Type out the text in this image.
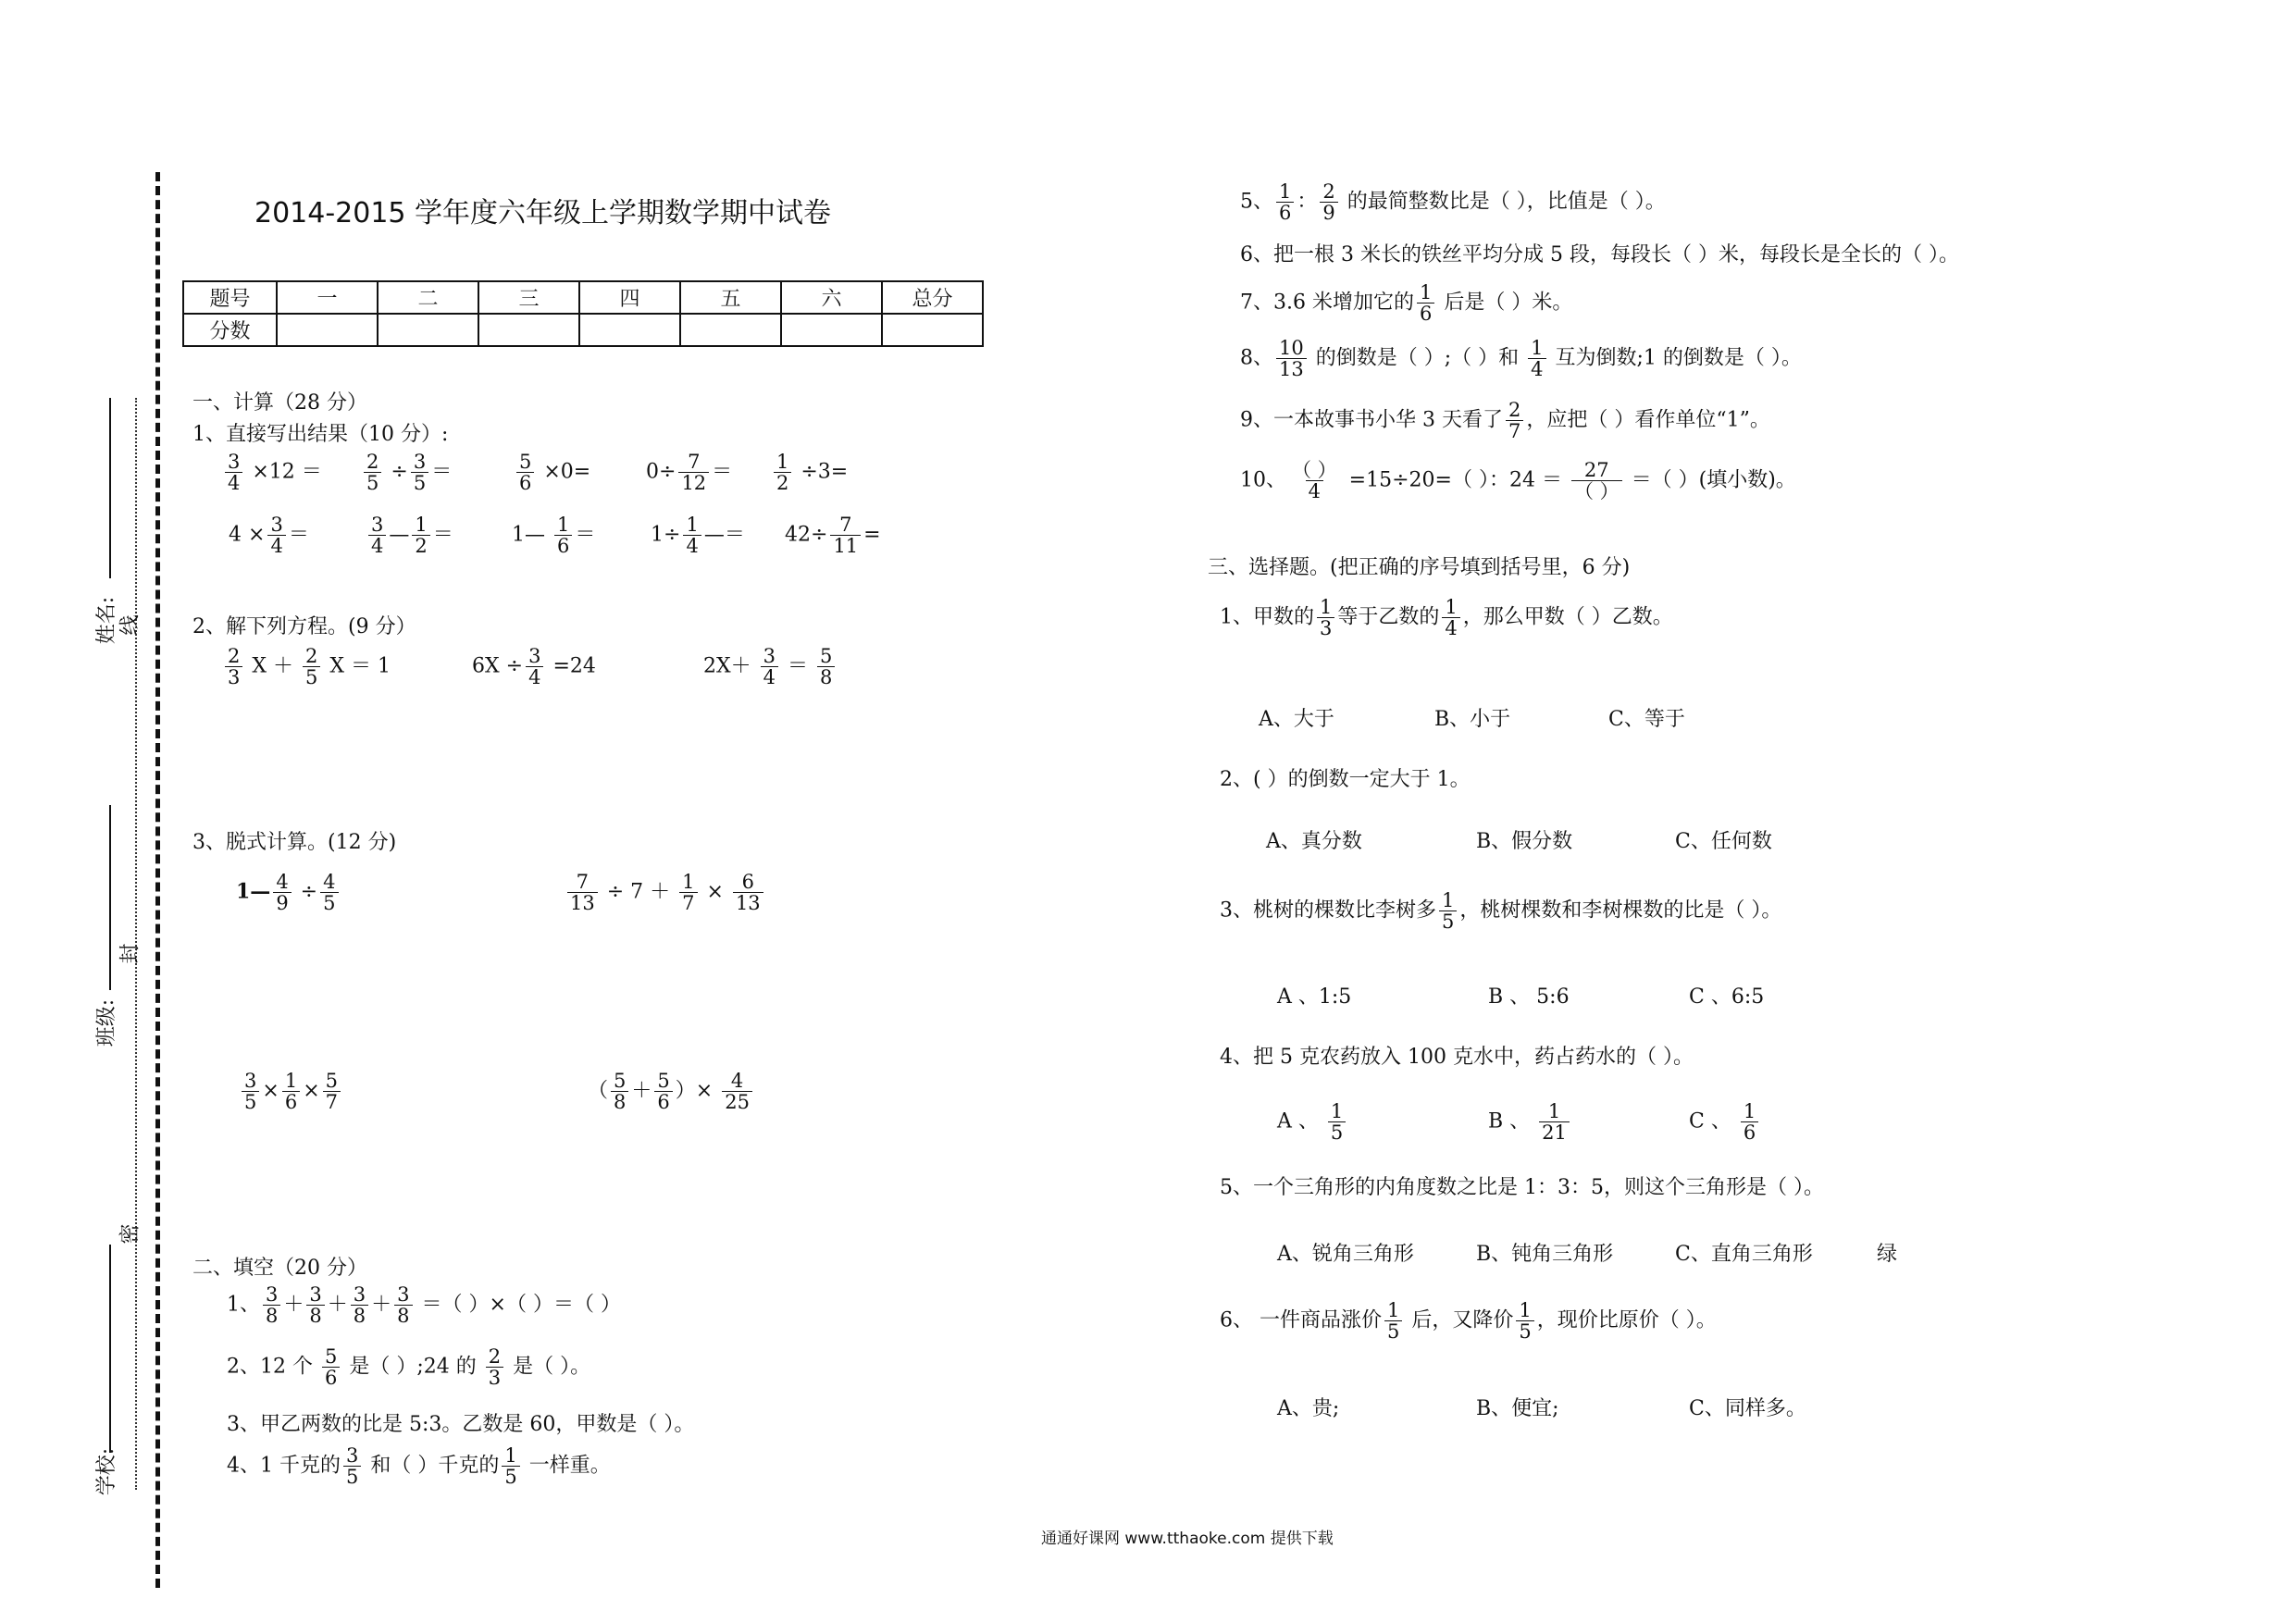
姓名: 线
班级:
封
密
学校:
2014-2015 学年度六年级上学期数学期中试卷
题号	一	二	三	四	五	六	总分
分数							
一、计算（28 分）
1、直接写出结果（10 分）:
$\frac{3}{4} \times 12 = \frac{2}{5} \div \frac{3}{5}$ ＝	$\frac{5}{6} \times 0=$	$0\div \frac{7}{12} = \frac{1}{2} \div 3=$
$4 \times \frac{3}{4}$ ＝	$\frac{3}{4}$ — $\frac{1}{2}$ ＝	1— $\frac{1}{6}$ ＝	$1\div \frac{1}{4}$ —＝ $42\div \frac{7}{11}$ =
2、解下列方程。(9 分）
$\frac{2}{3}$ $X + \frac{2}{5}$ X ＝ 1	$6X \div \frac{3}{4} =24$	$2X+ \frac{3}{4} = \frac{5}{8}$
3、脱式计算。(12 分)
1— $\frac{4}{9} \div \frac{4}{5}$	$\frac{7}{13} \div 7 + \frac{1}{7} \times \frac{6}{13}$
$\frac{3}{5} \times \frac{1}{6} \times \frac{5}{7}$	（ $\frac{5}{8} + \frac{5}{6}$ ）× $\frac{4}{25}$
二、填空（20 分）
1、 $\frac{3}{8} + \frac{3}{8} + \frac{3}{8} + \frac{3}{8}$ ＝（ ）×（ ）＝（ ）
2、12 个 $\frac{5}{6}$ 是（ ）;24 的 $\frac{2}{3}$ 是（ ）。
3、甲乙两数的比是 5:3。乙数是 60，甲数是（ ）。
4、1 千克的 $\frac{3}{5}$ 和（ ）千克的 $\frac{1}{5}$ 一样重。
5、 $\frac{1}{6}$ ： $\frac{2}{9}$ 的最简整数比是（ ），比值是（ ）。
6、把一根 3 米长的铁丝平均分成 5 段，每段长（ ）米，每段长是全长的（ ）。
7、3.6 米增加它的 $\frac{1}{6}$ 后是（ ）米。
8、 $\frac{10}{13}$ 的倒数是（ ）;（ ）和 $\frac{1}{4}$ 互为倒数;1 的倒数是（ ）。
9、一本故事书小华 3 天看了 $\frac{2}{7}$ ，应把（ ）看作单位“1”。
10、 $\frac{( )}{4} =15\div 20=$（ ）：$24 = \frac{27}{( )}$ ＝（ ）(填小数)。
三、选择题。(把正确的序号填到括号里，6 分)
1、甲数的 $\frac{1}{3}$ 等于乙数的 $\frac{1}{4}$ ，那么甲数（ ）乙数。
A、大于	B、小于	C、等于
2、( ）的倒数一定大于 1。
A、真分数	B、假分数	C、任何数
3、桃树的棵数比李树多 $\frac{1}{5}$ ，桃树棵数和李树棵数的比是（ ）。
A 、1:5	B 、 5:6	C 、6:5
4、把 5 克农药放入 100 克水中，药占药水的（ ）。
A 、 $\frac{1}{5}$	B 、 $\frac{1}{21}$	C 、 $\frac{1}{6}$
5、一个三角形的内角度数之比是 1：3：5，则这个三角形是（ ）。
A、锐角三角形	B、钝角三角形	C、直角三角形	绿
6、 一件商品涨价 $\frac{1}{5}$ 后，又降价 $\frac{1}{5}$ ，现价比原价（ ）。
A、贵;	B、便宜;	C、同样多。
通通好课网 www.tthaoke.com 提供下载
